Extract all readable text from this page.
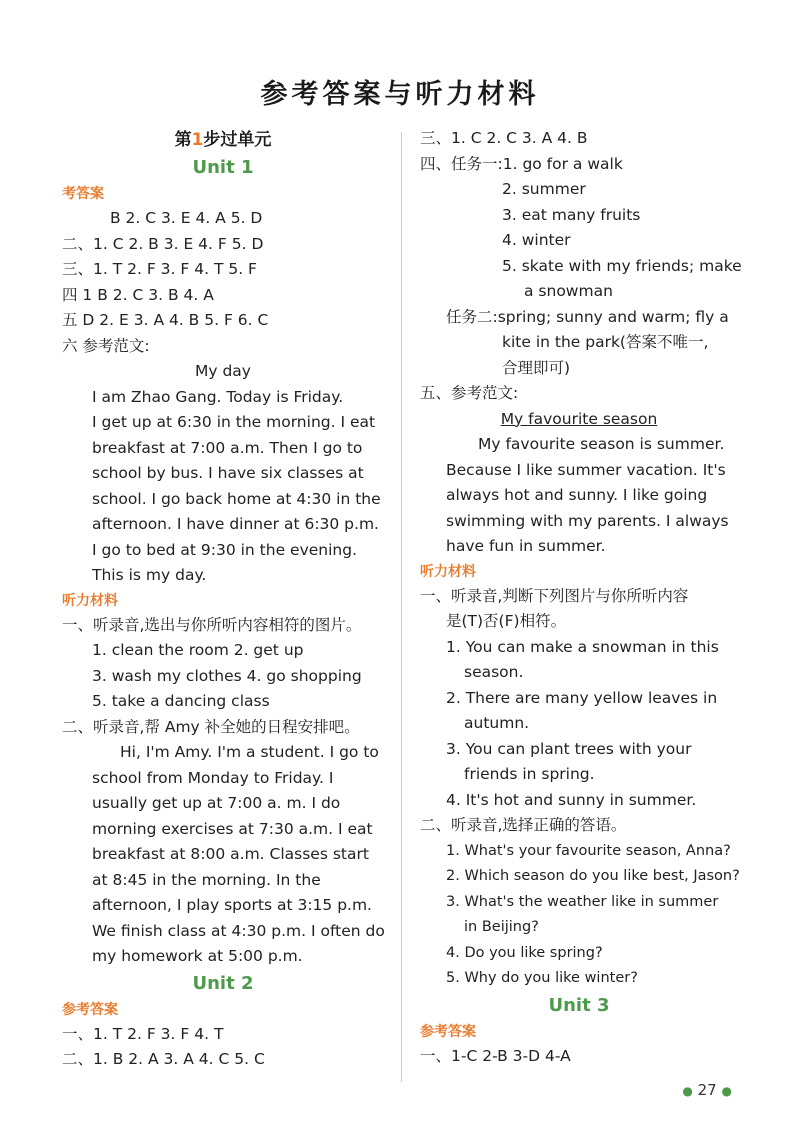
参考答案与听力材料
第1步过单元
Unit 1
考答案
B 2. C 3. E 4. A 5. D
二、1. C 2. B 3. E 4. F 5. D
三、1. T 2. F 3. F 4. T 5. F
四 1 B 2. C 3. B 4. A
五 D 2. E 3. A 4. B 5. F 6. C
六 参考范文:
My day
I am Zhao Gang. Today is Friday.
I get up at 6:30 in the morning. I eat
breakfast at 7:00 a.m. Then I go to
school by bus. I have six classes at
school. I go back home at 4:30 in the
afternoon. I have dinner at 6:30 p.m.
I go to bed at 9:30 in the evening.
This is my day.
听力材料
一、听录音,选出与你所听内容相符的图片。
1. clean the room 2. get up
3. wash my clothes 4. go shopping
5. take a dancing class
二、听录音,帮 Amy 补全她的日程安排吧。
Hi, I'm Amy. I'm a student. I go to
school from Monday to Friday. I
usually get up at 7:00 a. m. I do
morning exercises at 7:30 a.m. I eat
breakfast at 8:00 a.m. Classes start
at 8:45 in the morning. In the
afternoon, I play sports at 3:15 p.m.
We finish class at 4:30 p.m. I often do
my homework at 5:00 p.m.
Unit 2
参考答案
一、1. T 2. F 3. F 4. T
二、1. B 2. A 3. A 4. C 5. C
三、1. C 2. C 3. A 4. B
四、任务一:1. go for a walk
2. summer
3. eat many fruits
4. winter
5. skate with my friends; make
a snowman
任务二:spring; sunny and warm; fly a
kite in the park(答案不唯一,
合理即可)
五、参考范文:
My favourite season
My favourite season is summer.
Because I like summer vacation. It's
always hot and sunny. I like going
swimming with my parents. I always
have fun in summer.
听力材料
一、听录音,判断下列图片与你所听内容
是(T)否(F)相符。
1. You can make a snowman in this
season.
2. There are many yellow leaves in
autumn.
3. You can plant trees with your
friends in spring.
4. It's hot and sunny in summer.
二、听录音,选择正确的答语。
1. What's your favourite season, Anna?
2. Which season do you like best, Jason?
3. What's the weather like in summer
in Beijing?
4. Do you like spring?
5. Why do you like winter?
Unit 3
参考答案
一、1-C 2-B 3-D 4-A
● 27 ●
